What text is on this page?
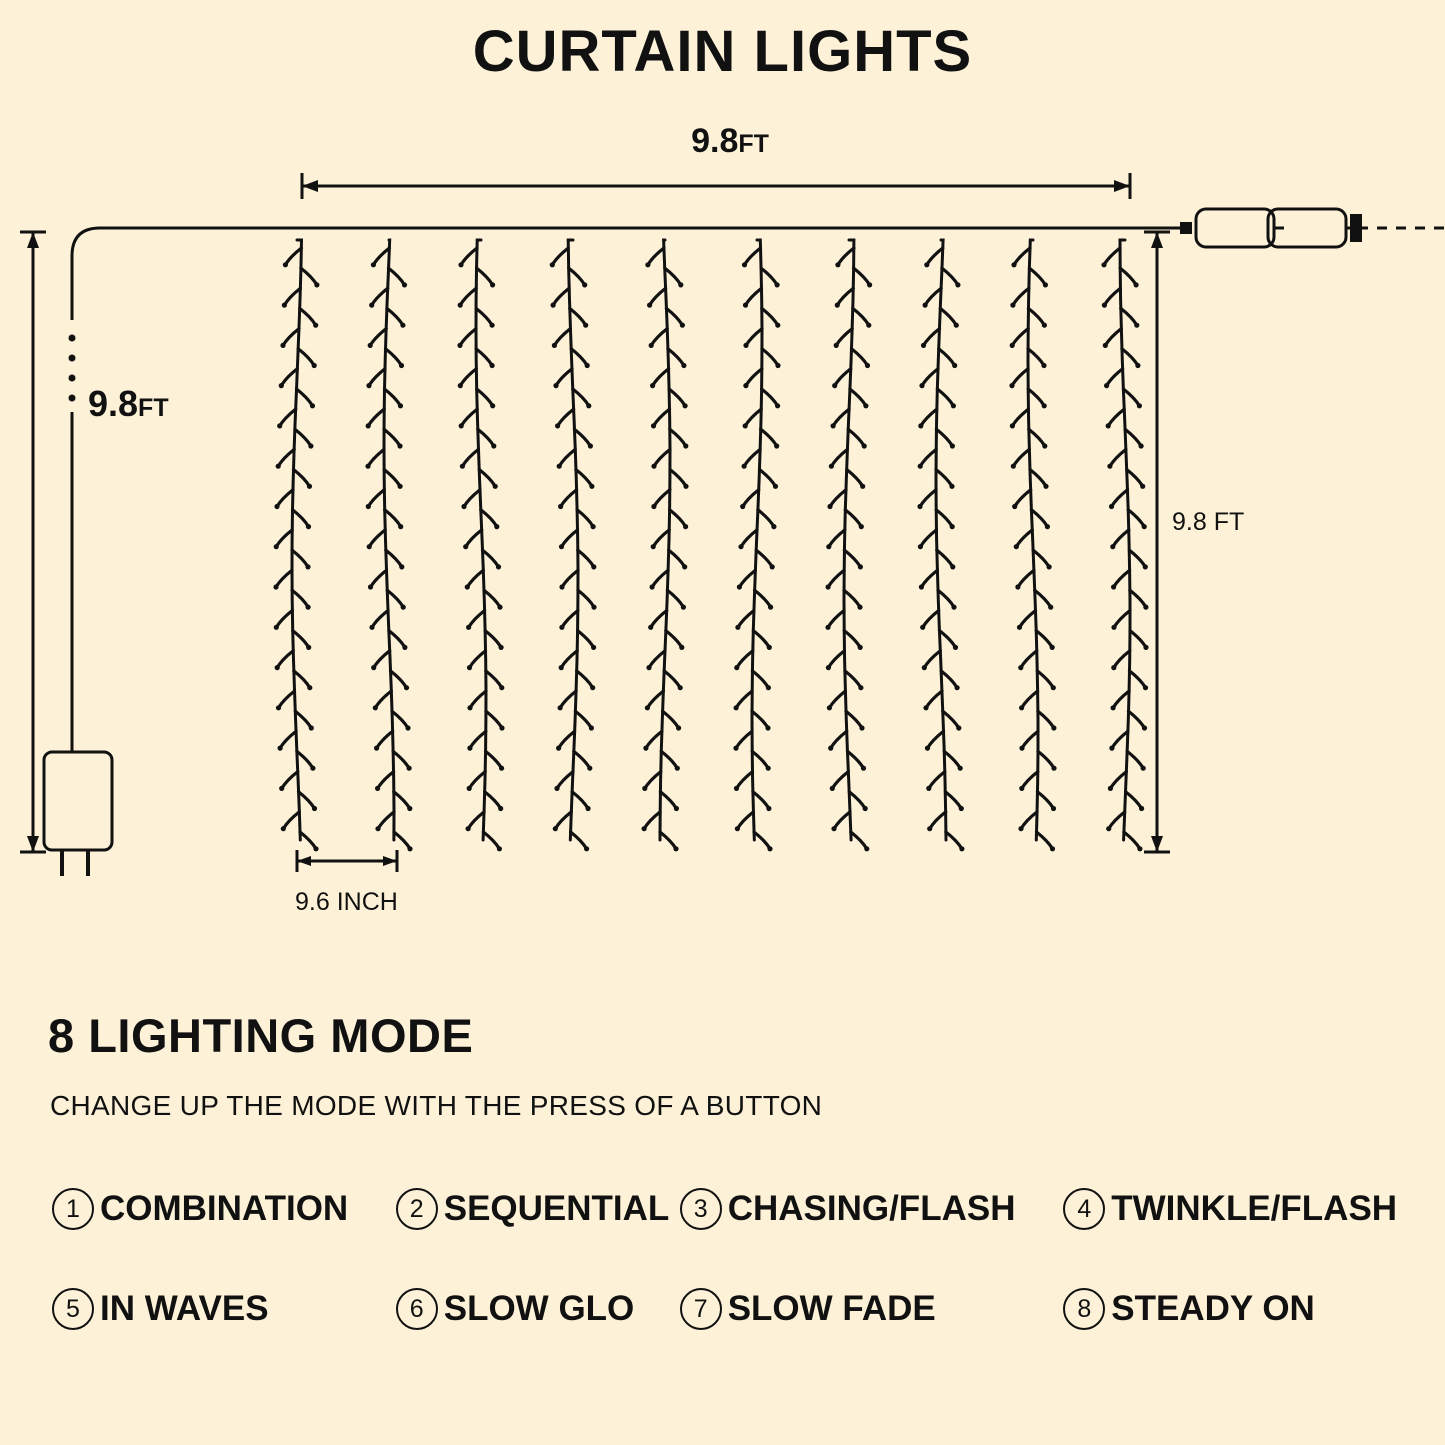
CURTAIN LIGHTS
9.8FT
9.8FT
9.8 FT
9.6 INCH
8 LIGHTING MODE
CHANGE UP THE MODE WITH THE PRESS OF A BUTTON
1 COMBINATION	2 SEQUENTIAL 3 CHASING/FLASH	4 TWINKLE/FLASH
5 IN WAVES	6 SLOW GLO	7 SLOW FADE	8 STEADY ON
